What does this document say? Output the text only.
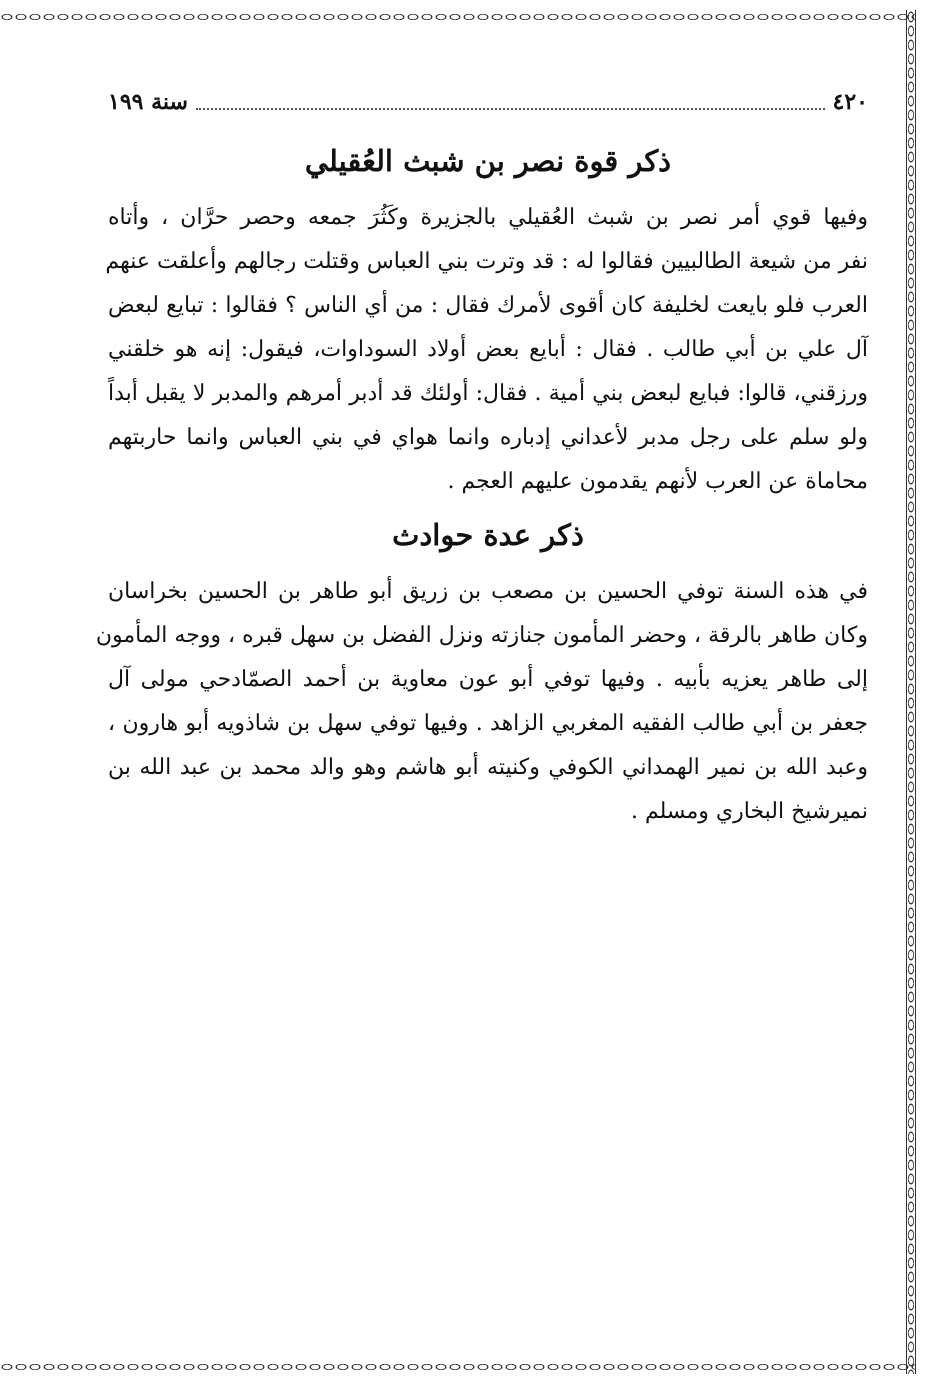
سنة ١٩٩	٤٢٠
ذكر قوة نصر بن شبث العُقيلي
وفيها قوي أمر نصر بن شبث العُقيلي بالجزيرة وكَثُرَ جمعه وحصر حرَّان ، وأتاه
نفر من شيعة الطالبيين فقالوا له : قد وترت بني العباس وقتلت رجالهم وأعلقت عنهم
العرب فلو بايعت لخليفة كان أقوى لأمرك فقال : من أي الناس ؟ فقالوا : تبايع لبعض
آل علي بن أبي طالب . فقال : أبايع بعض أولاد السوداوات، فيقول: إنه هو خلقني
ورزقني، قالوا: فبايع لبعض بني أمية . فقال: أولئك قد أدبر أمرهم والمدبر لا يقبل أبداً
ولو سلم على رجل مدبر لأعداني إدباره وانما هواي في بني العباس وانما حاربتهم
محاماة عن العرب لأنهم يقدمون عليهم العجم .
ذكر عدة حوادث
في هذه السنة توفي الحسين بن مصعب بن زريق أبو طاهر بن الحسين بخراسان
وكان طاهر بالرقة ، وحضر المأمون جنازته ونزل الفضل بن سهل قبره ، ووجه المأمون
إلى طاهر يعزيه بأبيه . وفيها توفي أبو عون معاوية بن أحمد الصمّادحي مولى آل
جعفر بن أبي طالب الفقيه المغربي الزاهد . وفيها توفي سهل بن شاذويه أبو هارون ،
وعبد الله بن نمير الهمداني الكوفي وكنيته أبو هاشم وهو والد محمد بن عبد الله بن
نميرشيخ البخاري ومسلم .
